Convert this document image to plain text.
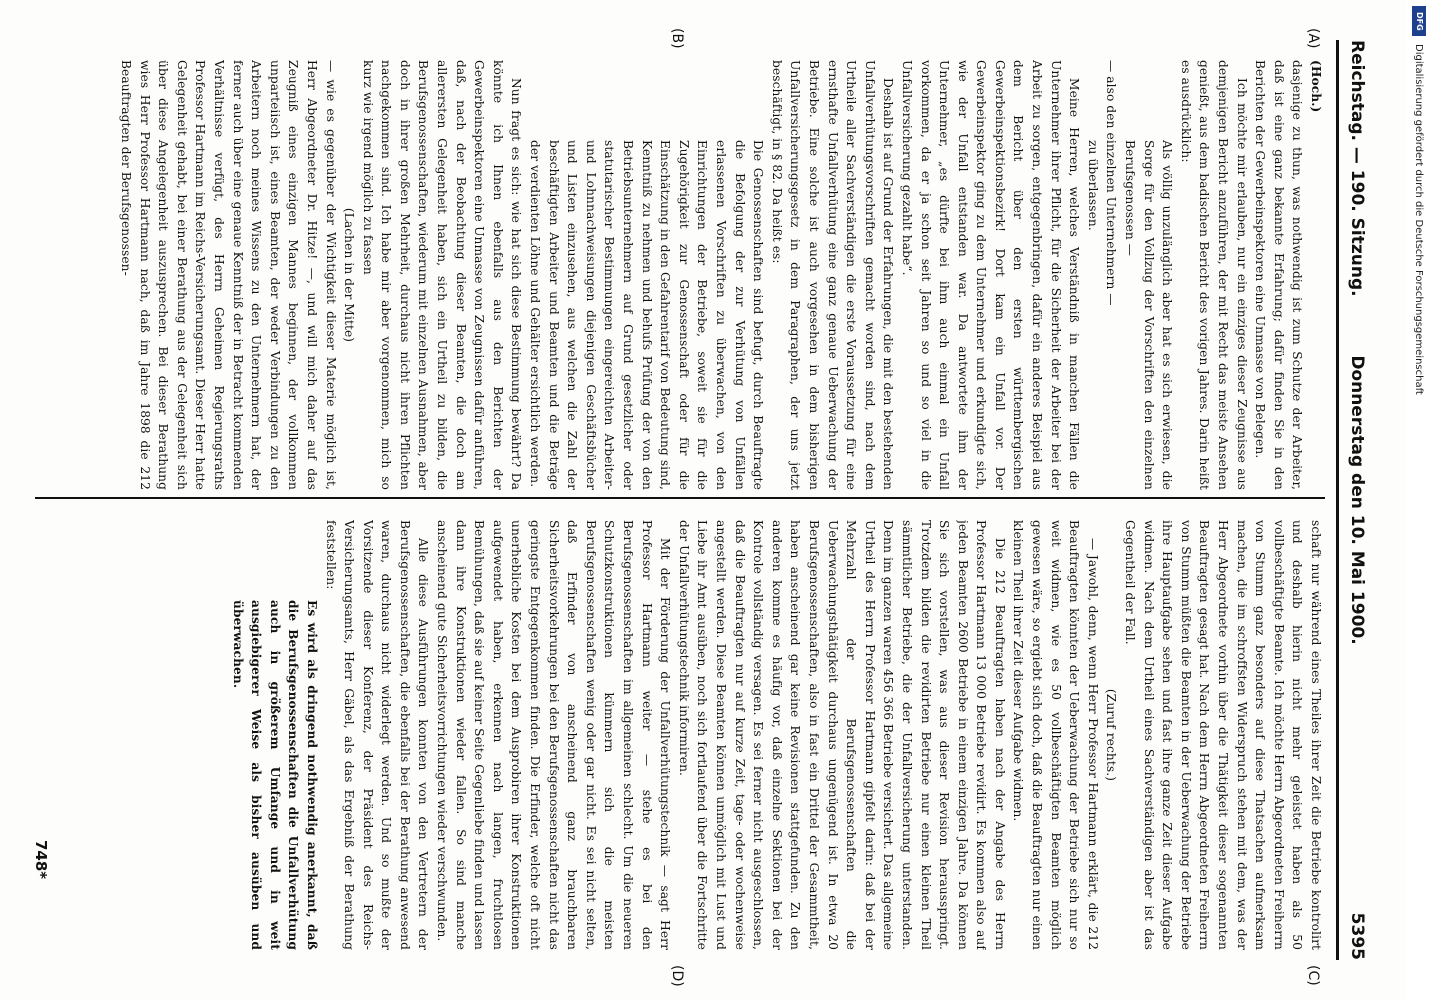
Reichstag. — 190. Sitzung.
Donnerstag den 10. Mai 1900.
5395
(A)
(B)
(C)
(D)

(Hoch.)

dasjenige zu thun, was nothwendig ist zum Schutze der Arbeiter, daß ist eine ganz bekannte Erfahrung; dafür finden Sie in den Berichten der Gewerbeinspektoren eine Unmasse von Belegen.

Ich möchte mir erlauben, nur ein einziges dieser Zeugnisse aus demjenigen Bericht anzuführen, der mit Recht das meiste Ansehen genießt, aus dem badischen Bericht des vorigen Jahres. Darin heißt es ausdrücklich:

Als völlig unzulänglich aber hat es sich erwiesen, die Sorge für den Vollzug der Vorschriften den einzelnen Berufsgenossen —

— also den einzelnen Unternehmern —

zu überlassen.

Meine Herren, welches Verständniß in manchen Fällen die Unternehmer ihrer Pflicht, für die Sicherheit der Arbeiter bei der Arbeit zu sorgen, entgegenbringen, dafür ein anderes Beispiel aus dem Bericht über den ersten württembergischen Gewerbeinspektionsbezirk! Dort kam ein Unfall vor. Der Gewerbeinspektor ging zu dem Unternehmer und erkundigte sich, wie der Unfall entstanden war. Da antwortete ihm der Unternehmer, „es dürfte bei ihm auch einmal ein Unfall vorkommen, da er ja schon seit Jahren so und so viel in die Unfallversicherung gezahlt habe“.

Deshalb ist auf Grund der Erfahrungen, die mit den bestehenden Unfallverhütungsvorschriften gemacht worden sind, nach dem Urtheile aller Sachverständigen die erste Voraussetzung für eine ernsthafte Unfallverhütung eine ganz genaue Ueberwachung der Betriebe. Eine solche ist auch vorgesehen in dem bisherigen Unfallversicherungsgesetz in dem Paragraphen, der uns jetzt beschäftigt, in § 82. Da heißt es:

Die Genossenschaften sind befugt, durch Beauftragte die Befolgung der zur Verhütung von Unfällen erlassenen Vorschriften zu überwachen, von den Einrichtungen der Betriebe, soweit sie für die Zugehörigkeit zur Genossenschaft oder für die Einschätzung in den Gefahrentarif von Bedeutung sind, Kenntniß zu nehmen und behufs Prüfung der von den Betriebsunternehmern auf Grund gesetzlicher oder statutarischer Bestimmungen eingereichten Arbeiter- und Lohnnachweisungen diejenigen Geschäftsbücher und Listen einzusehen, aus welchen die Zahl der beschäftigten Arbeiter und Beamten und die Beträge der verdienten Löhne und Gehälter ersichtlich werden.

Nun fragt es sich: wie hat sich diese Bestimmung bewährt? Da könnte ich Ihnen ebenfalls aus den Berichten der Gewerbeinspektoren eine Unmasse von Zeugnissen dafür anführen, daß, nach der Beobachtung dieser Beamten, die doch am allerersten Gelegenheit haben, sich ein Urtheil zu bilden, die Berufsgenossenschaften, wiederum mit einzelnen Ausnahmen, aber doch in ihrer großen Mehrheit, durchaus nicht ihren Pflichten nachgekommen sind. Ich habe mir aber vorgenommen, mich so kurz wie irgend möglich zu fassen

(Lachen in der Mitte)

— wie es gegenüber der Wichtigkeit dieser Materie möglich ist, Herr Abgeordneter Dr. Hitze! —, und will mich daher auf das Zeugniß eines einzigen Mannes beginnen, der vollkommen unparteiisch ist, eines Beamten, der weder Verbindungen zu den Arbeitern noch meines Wissens zu den Unternehmern hat, der ferner auch über eine genaue Kenntniß der in Betracht kommenden Verhältnisse verfügt, des Herrn Geheimen Regierungsraths Professor Hartmann im Reichs-Versicherungsamt. Dieser Herr hatte Gelegenheit gehabt, bei einer Berathung aus der Gelegenheit sich über diese Angelegenheit auszusprechen. Bei dieser Berathung wies Herr Professor Hartmann nach, daß im Jahre 1898 die 212 Beauftragten der Berufsgenossen-

schaft nur während eines Theiles ihrer Zeit die Betriebe kontrolirt und deshalb hierin nicht mehr geleistet haben als 50 vollbeschäftigte Beamte. Ich möchte Herrn Abgeordneten Freiherrn von Stumm ganz besonders auf diese Thatsachen aufmerksam machen, die im schroffsten Widerspruch stehen mit dem, was der Herr Abgeordnete vorhin über die Thätigkeit dieser sogenannten Beauftragten gesagt hat. Nach dem Herrn Abgeordneten Freiherrn von Stumm müßten die Beamten in der Ueberwachung der Betriebe ihre Hauptaufgabe sehen und fast ihre ganze Zeit dieser Aufgabe widmen. Nach dem Urtheil eines Sachverständigen aber ist das Gegentheil der Fall.

(Zuruf rechts.)

— Jawohl, denn, wenn Herr Professor Hartmann erklärt, die 212 Beauftragten könnten der Ueberwachung der Betriebe sich nur so weit widmen, wie es 50 vollbeschäftigten Beamten möglich gewesen wäre, so ergiebt sich doch, daß die Beauftragten nur einen kleinen Theil ihrer Zeit dieser Aufgabe widmen.

Die 212 Beauftragten haben nach der Angabe des Herrn Professor Hartmann 13 000 Betriebe revidirt. Es kommen also auf jeden Beamten 2600 Betriebe in einem einzigen Jahre. Da können Sie sich vorstellen, was aus dieser Revision herausspringt. Trotzdem bilden die revidirten Betriebe nur einen kleinen Theil sämmtlicher Betriebe, die der Unfallversicherung unterstanden. Denn im ganzen waren 456 366 Betriebe versichert. Das allgemeine Urtheil des Herrn Professor Hartmann gipfelt darin: daß bei der Mehrzahl der Berufsgenossenschaften die Ueberwachungsthätigkeit durchaus ungenügend ist. In etwa 20 Berufsgenossenschaften, also in fast ein Drittel der Gesammtheit, haben anscheinend gar keine Revisionen stattgefunden. Zu den anderen komme es häufig vor, daß einzelne Sektionen bei der Kontrole vollständig versagen. Es sei ferner nicht ausgeschlossen, daß die Beauftragten nur auf kurze Zeit, tage- oder wochenweise angestellt werden. Diese Beamten können unmöglich mit Lust und Liebe ihr Amt ausüben, noch sich fortlaufend über die Fortschritte der Unfallverhütungstechnik informiren.

Mit der Förderung der Unfallverhütungstechnik — sagt Herr Professor Hartmann weiter — stehe es bei den Berufsgenossenschaften im allgemeinen schlecht. Um die neueren Schutzkonstruktionen kümmern sich die meisten Berufsgenossenschaften wenig oder gar nicht. Es sei nicht selten, daß Erfinder von anscheinend ganz brauchbaren Sicherheitsvorkehrungen bei den Berufsgenossenschaften nicht das geringste Entgegenkommen finden. Die Erfinder, welche oft nicht unerhebliche Kosten bei dem Ausprobiren ihrer Konstruktionen aufgewendet haben, erkennen nach langen, fruchtlosen Bemühungen, daß sie auf keiner Seite Gegenliebe finden und lassen dann ihre Konstruktionen wieder fallen. So sind manche anscheinend gute Sicherheitsvorrichtungen wieder verschwunden.

Alle diese Ausführungen konnten von den Vertretern der Berufsgenossenschaften, die ebenfalls bei der Berathung anwesend waren, durchaus nicht widerlegt werden. Und so mußte der Vorsitzende dieser Konferenz, der Präsident des Reichs-Versicherungsamts, Herr Gäbel, als das Ergebniß der Berathung feststellen:

Es wird als dringend nothwendig anerkannt, daß die Berufsgenossenschaften die Unfallverhütung auch in größerem Umfange und in weit ausgiebigerer Weise als bisher ausüben und überwachen.

748*
DFG
Digitalisierung gefördert durch die Deutsche Forschungsgemeinschaft
